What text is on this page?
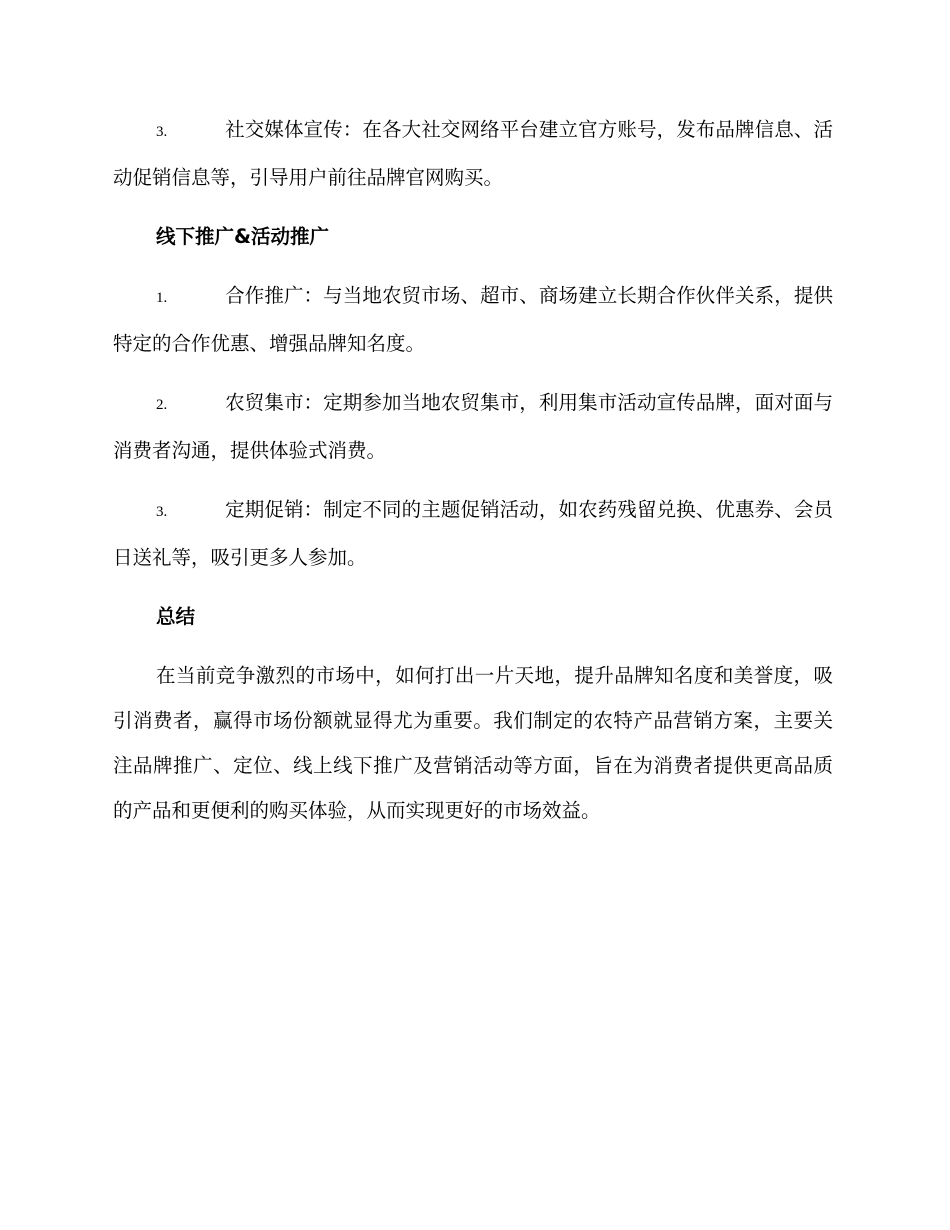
3.	社交媒体宣传：在各大社交网络平台建立官方账号，发布品牌信息、活动促销信息等，引导用户前往品牌官网购买。

线下推广&活动推广

1.	合作推广：与当地农贸市场、超市、商场建立长期合作伙伴关系，提供特定的合作优惠、增强品牌知名度。

2.	农贸集市：定期参加当地农贸集市，利用集市活动宣传品牌，面对面与消费者沟通，提供体验式消费。

3.	定期促销：制定不同的主题促销活动，如农药残留兑换、优惠券、会员日送礼等，吸引更多人参加。

总结

在当前竞争激烈的市场中，如何打出一片天地，提升品牌知名度和美誉度，吸引消费者，赢得市场份额就显得尤为重要。我们制定的农特产品营销方案，主要关注品牌推广、定位、线上线下推广及营销活动等方面，旨在为消费者提供更高品质的产品和更便利的购买体验，从而实现更好的市场效益。
